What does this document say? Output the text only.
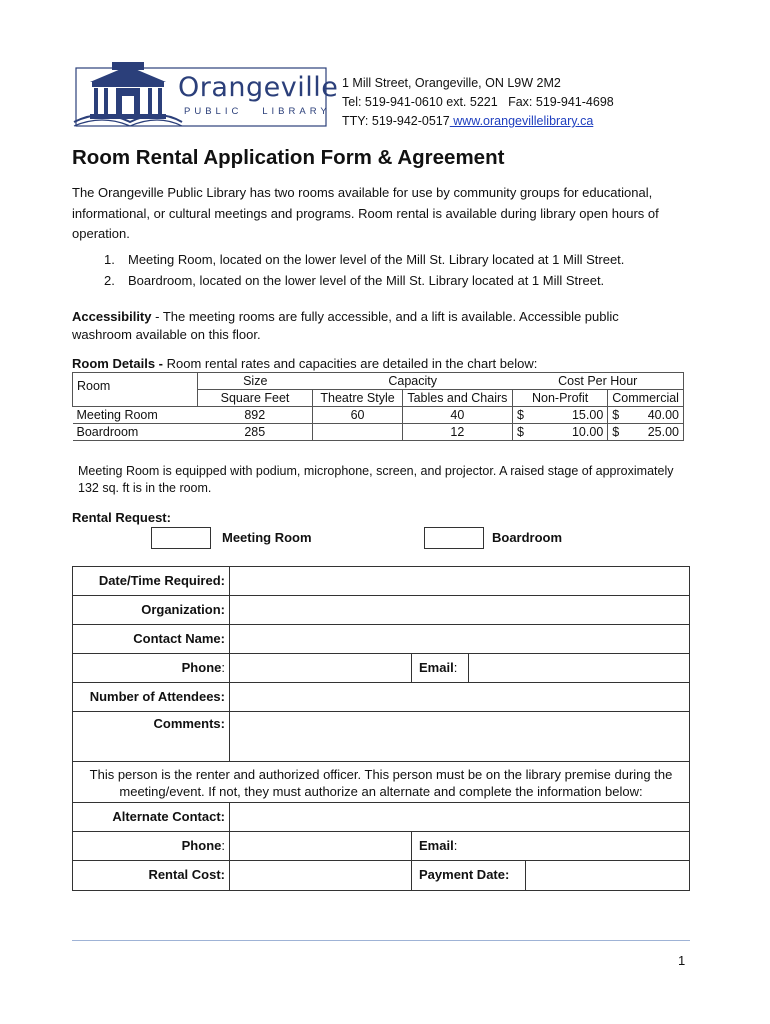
Orangeville
PUBLIC   LIBRARY
1 Mill Street, Orangeville, ON L9W 2M2
Tel: 519-941-0610 ext. 5221   Fax: 519-941-4698
TTY: 519-942-0517 www.orangevillelibrary.ca
Room Rental Application Form & Agreement
The Orangeville Public Library has two rooms available for use by community groups for educational, informational, or cultural meetings and programs. Room rental is available during library open hours of operation.
1. Meeting Room, located on the lower level of the Mill St. Library located at 1 Mill Street.
2. Boardroom, located on the lower level of the Mill St. Library located at 1 Mill Street.
Accessibility - The meeting rooms are fully accessible, and a lift is available. Accessible public washroom available on this floor.
Room Details - Room rental rates and capacities are detailed in the chart below:
Room	Size	Capacity		Cost Per Hour			
	Square Feet	Theatre Style	Tables and Chairs	Non-Profit		Commercial	
Meeting Room	892	60	40	$	15.00	$	40.00
Boardroom	285		12	$	10.00	$	25.00
Meeting Room is equipped with podium, microphone, screen, and projector. A raised stage of approximately 132 sq. ft is in the room.
Rental Request:
Meeting Room	Boardroom
Date/Time Required:
Organization:
Contact Name:
Phone:	Email:
Number of Attendees:
Comments:
This person is the renter and authorized officer. This person must be on the library premise during the meeting/event. If not, they must authorize an alternate and complete the information below:
Alternate Contact:
Phone:	Email:
Rental Cost:	Payment Date:
1
